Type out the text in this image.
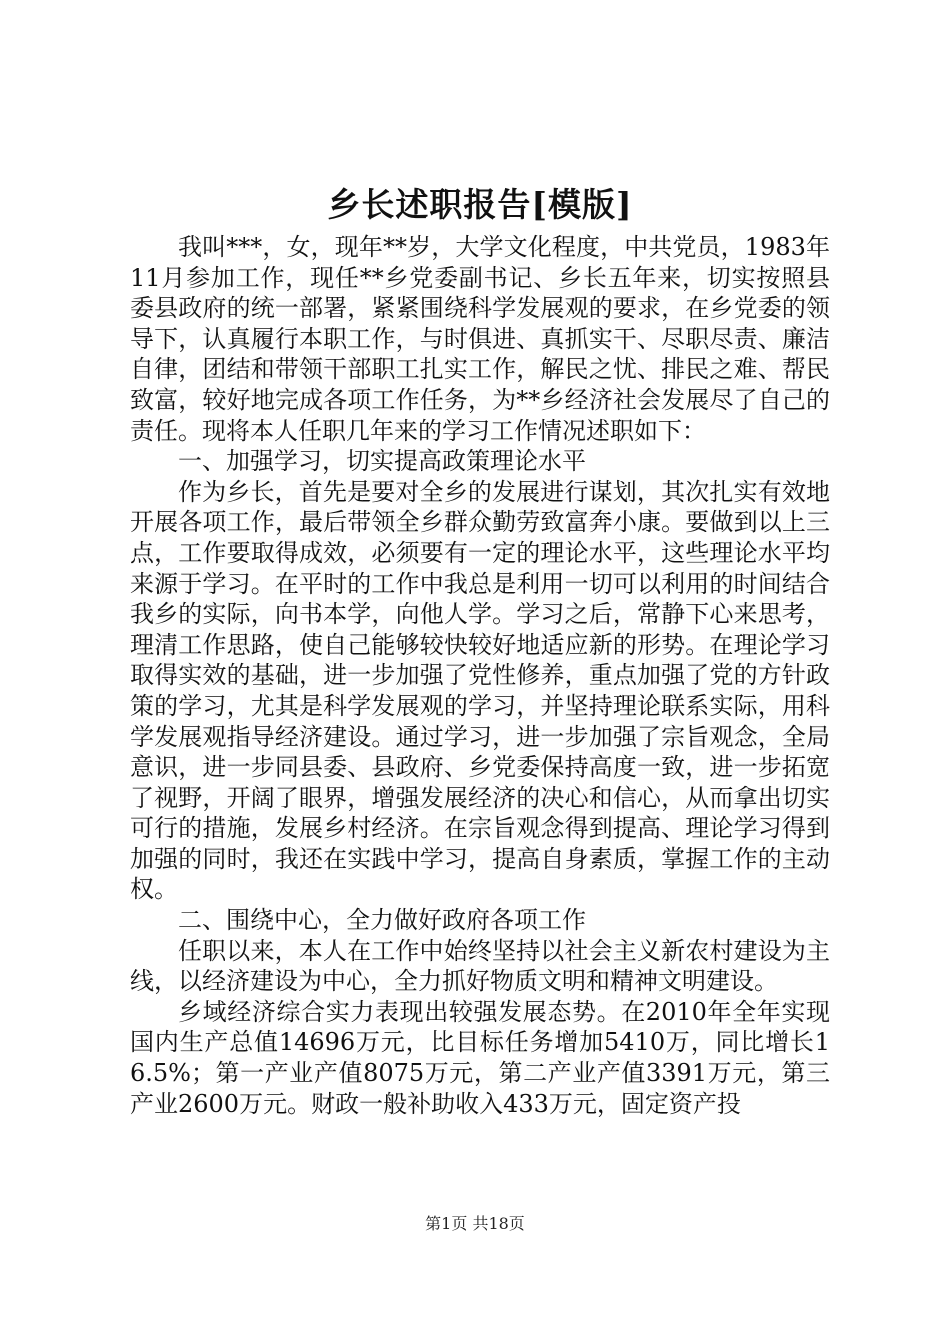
乡长述职报告[模版]

我叫***，女，现年**岁，大学文化程度，中共党员，1983年11月参加工作，现任**乡党委副书记、乡长五年来，切实按照县委县政府的统一部署，紧紧围绕科学发展观的要求，在乡党委的领导下，认真履行本职工作，与时俱进、真抓实干、尽职尽责、廉洁自律，团结和带领干部职工扎实工作，解民之忧、排民之难、帮民致富，较好地完成各项工作任务，为**乡经济社会发展尽了自己的责任。现将本人任职几年来的学习工作情况述职如下：

一、加强学习，切实提高政策理论水平

作为乡长，首先是要对全乡的发展进行谋划，其次扎实有效地开展各项工作，最后带领全乡群众勤劳致富奔小康。要做到以上三点，工作要取得成效，必须要有一定的理论水平，这些理论水平均来源于学习。在平时的工作中我总是利用一切可以利用的时间结合我乡的实际，向书本学，向他人学。学习之后，常静下心来思考，理清工作思路，使自己能够较快较好地适应新的形势。在理论学习取得实效的基础，进一步加强了党性修养，重点加强了党的方针政策的学习，尤其是科学发展观的学习，并坚持理论联系实际，用科学发展观指导经济建设。通过学习，进一步加强了宗旨观念，全局意识，进一步同县委、县政府、乡党委保持高度一致，进一步拓宽了视野，开阔了眼界，增强发展经济的决心和信心，从而拿出切实可行的措施，发展乡村经济。在宗旨观念得到提高、理论学习得到加强的同时，我还在实践中学习，提高自身素质，掌握工作的主动权。

二、围绕中心，全力做好政府各项工作

任职以来，本人在工作中始终坚持以社会主义新农村建设为主线，以经济建设为中心，全力抓好物质文明和精神文明建设。

乡域经济综合实力表现出较强发展态势。在2010年全年实现国内生产总值14696万元，比目标任务增加5410万，同比增长16.5%；第一产业产值8075万元，第二产业产值3391万元，第三产业2600万元。财政一般补助收入433万元，固定资产投

第1页 共18页
